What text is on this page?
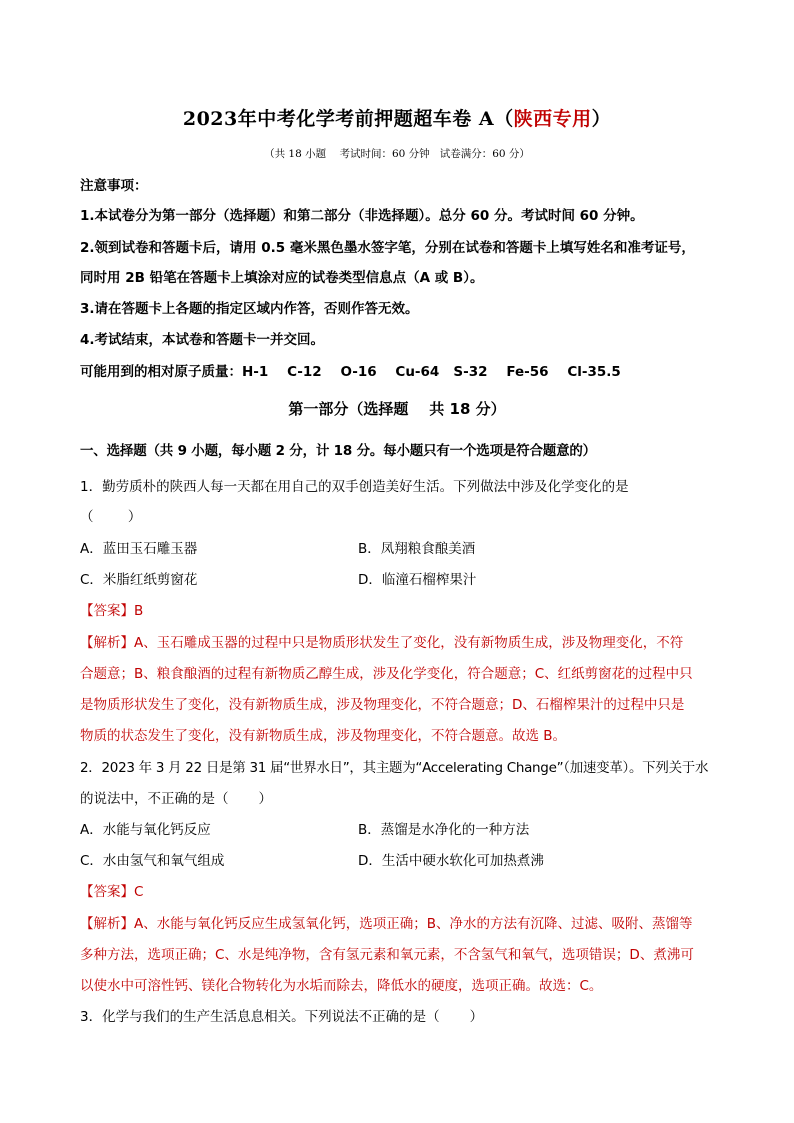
2023年中考化学考前押题超车卷 A（陕西专用）
（共 18 小题    考试时间：60 分钟   试卷满分：60 分）
注意事项：
1.本试卷分为第一部分（选择题）和第二部分（非选择题）。总分 60 分。考试时间 60 分钟。
2.领到试卷和答题卡后，请用 0.5 毫米黑色墨水签字笔，分别在试卷和答题卡上填写姓名和准考证号，
同时用 2B 铅笔在答题卡上填涂对应的试卷类型信息点（A 或 B）。
3.请在答题卡上各题的指定区域内作答，否则作答无效。
4.考试结束，本试卷和答题卡一并交回。
可能用到的相对原子质量：H-1    C-12    O-16    Cu-64   S-32    Fe-56    Cl-35.5
第一部分（选择题    共 18 分）
一、选择题（共 9 小题，每小题 2 分，计 18 分。每小题只有一个选项是符合题意的）
1．勤劳质朴的陕西人每一天都在用自己的双手创造美好生活。下列做法中涉及化学变化的是
（        ）
A．蓝田玉石雕玉器	B．凤翔粮食酿美酒
C．米脂红纸剪窗花	D．临潼石榴榨果汁
【答案】B
【解析】A、玉石雕成玉器的过程中只是物质形状发生了变化，没有新物质生成，涉及物理变化，不符
合题意；B、粮食酿酒的过程有新物质乙醇生成，涉及化学变化，符合题意；C、红纸剪窗花的过程中只
是物质形状发生了变化，没有新物质生成，涉及物理变化，不符合题意；D、石榴榨果汁的过程中只是
物质的状态发生了变化，没有新物质生成，涉及物理变化，不符合题意。故选 B。
2．2023 年 3 月 22 日是第 31 届“世界水日”，其主题为“Accelerating Change”（加速变革）。下列关于水
的说法中，不正确的是（       ）
A．水能与氧化钙反应	B．蒸馏是水净化的一种方法
C．水由氢气和氧气组成	D．生活中硬水软化可加热煮沸
【答案】C
【解析】A、水能与氧化钙反应生成氢氧化钙，选项正确；B、净水的方法有沉降、过滤、吸附、蒸馏等
多种方法，选项正确；C、水是纯净物，含有氢元素和氧元素，不含氢气和氧气，选项错误；D、煮沸可
以使水中可溶性钙、镁化合物转化为水垢而除去，降低水的硬度，选项正确。故选：C。
3．化学与我们的生产生活息息相关。下列说法不正确的是（       ）
